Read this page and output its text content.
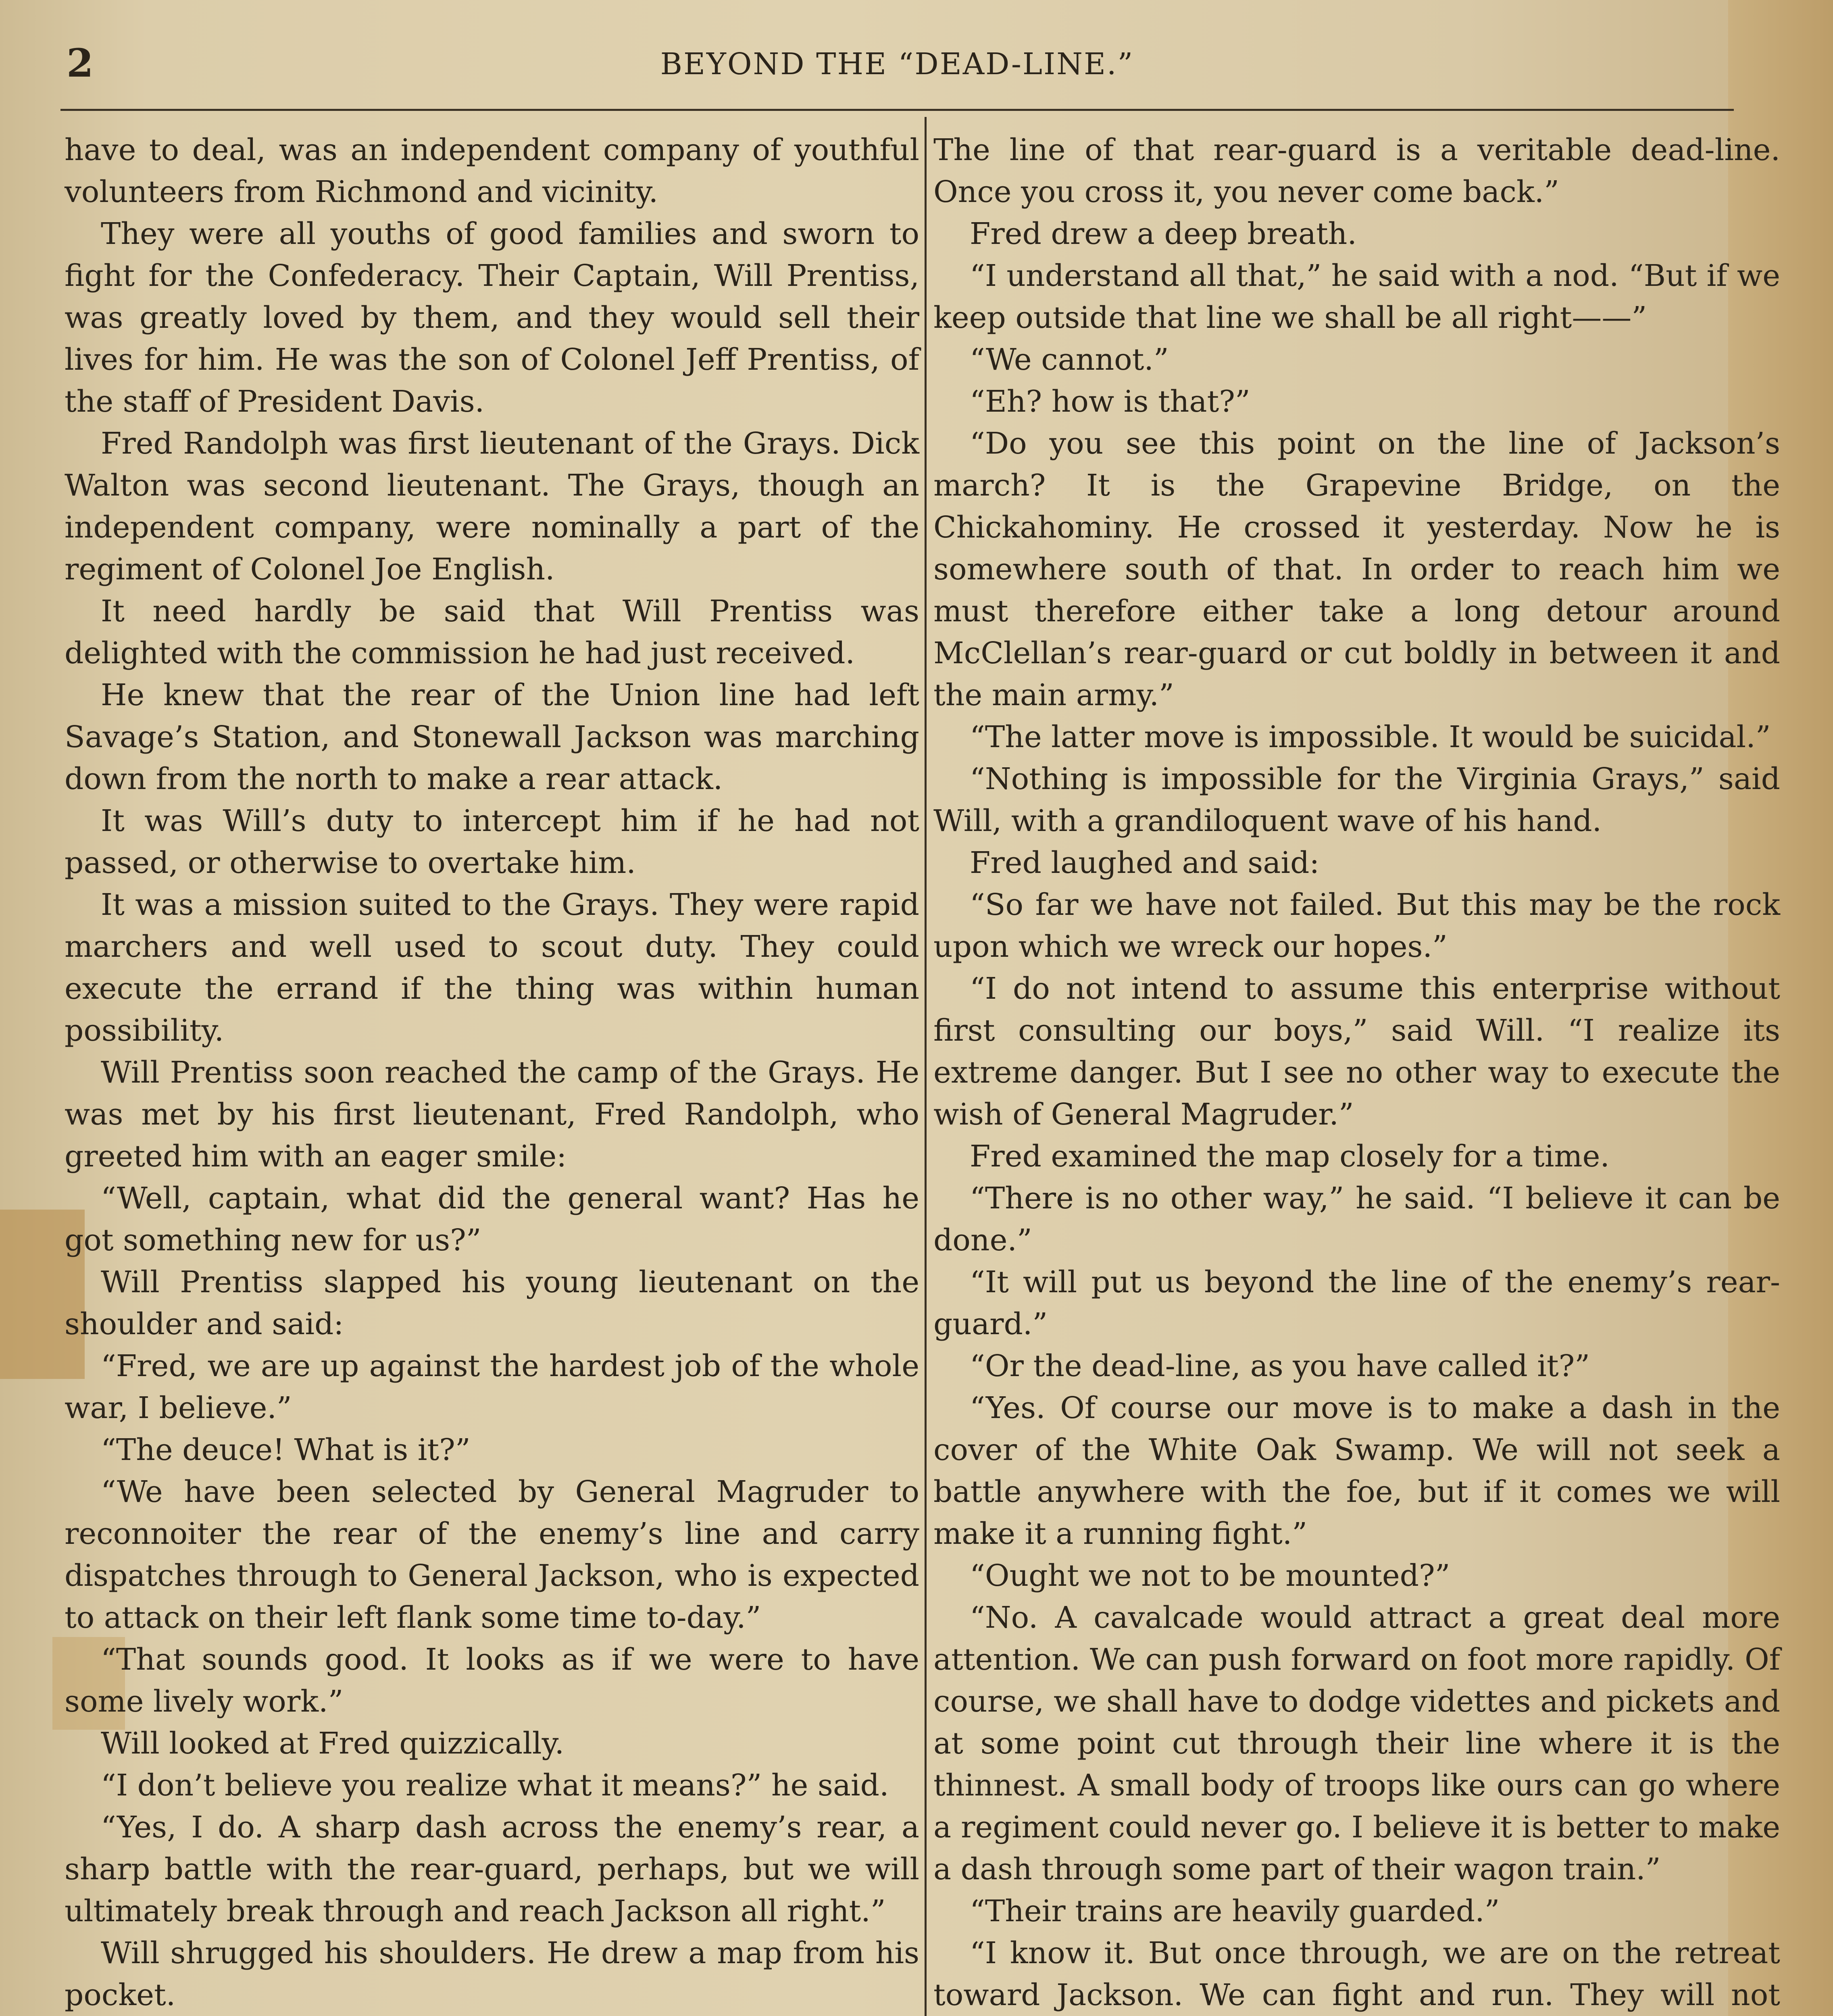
2	BEYOND THE “DEAD-LINE.”

have to deal, was an independent company of youthful volunteers from Richmond and vicinity.

They were all youths of good families and sworn to fight for the Confederacy. Their Captain, Will Prentiss, was greatly loved by them, and they would sell their lives for him. He was the son of Colonel Jeff Prentiss, of the staff of President Davis.

Fred Randolph was first lieutenant of the Grays. Dick Walton was second lieutenant. The Grays, though an independent company, were nominally a part of the regiment of Colonel Joe English.

It need hardly be said that Will Prentiss was delighted with the commission he had just received.

He knew that the rear of the Union line had left Savage’s Station, and Stonewall Jackson was marching down from the north to make a rear attack.

It was Will’s duty to intercept him if he had not passed, or otherwise to overtake him.

It was a mission suited to the Grays. They were rapid marchers and well used to scout duty. They could execute the errand if the thing was within human possibility.

Will Prentiss soon reached the camp of the Grays. He was met by his first lieutenant, Fred Randolph, who greeted him with an eager smile:

“Well, captain, what did the general want? Has he got something new for us?”

Will Prentiss slapped his young lieutenant on the shoulder and said:

“Fred, we are up against the hardest job of the whole war, I believe.”

“The deuce! What is it?”

“We have been selected by General Magruder to reconnoiter the rear of the enemy’s line and carry dispatches through to General Jackson, who is expected to attack on their left flank some time to-day.”

“That sounds good. It looks as if we were to have some lively work.”

Will looked at Fred quizzically.

“I don’t believe you realize what it means?” he said.

“Yes, I do. A sharp dash across the enemy’s rear, a sharp battle with the rear-guard, perhaps, but we will ultimately break through and reach Jackson all right.”

Will shrugged his shoulders. He drew a map from his pocket.

The line of that rear-guard is a veritable dead-line. Once you cross it, you never come back.”

Fred drew a deep breath.

“I understand all that,” he said with a nod. “But if we keep outside that line we shall be all right——”

“We cannot.”

“Eh? how is that?”

“Do you see this point on the line of Jackson’s march? It is the Grapevine Bridge, on the Chickahominy. He crossed it yesterday. Now he is somewhere south of that. In order to reach him we must therefore either take a long detour around McClellan’s rear-guard or cut boldly in between it and the main army.”

“The latter move is impossible. It would be suicidal.”

“Nothing is impossible for the Virginia Grays,” said Will, with a grandiloquent wave of his hand.

Fred laughed and said:

“So far we have not failed. But this may be the rock upon which we wreck our hopes.”

“I do not intend to assume this enterprise without first consulting our boys,” said Will. “I realize its extreme danger. But I see no other way to execute the wish of General Magruder.”

Fred examined the map closely for a time.

“There is no other way,” he said. “I believe it can be done.”

“It will put us beyond the line of the enemy’s rear-guard.”

“Or the dead-line, as you have called it?”

“Yes. Of course our move is to make a dash in the cover of the White Oak Swamp. We will not seek a battle anywhere with the foe, but if it comes we will make it a running fight.”

“Ought we not to be mounted?”

“No. A cavalcade would attract a great deal more attention. We can push forward on foot more rapidly. Of course, we shall have to dodge videttes and pickets and at some point cut through their line where it is the thinnest. A small body of troops like ours can go where a regiment could never go. I believe it is better to make a dash through some part of their wagon train.”

“Their trains are heavily guarded.”

“I know it. But once through, we are on the retreat toward Jackson. We can fight and run. They will not
